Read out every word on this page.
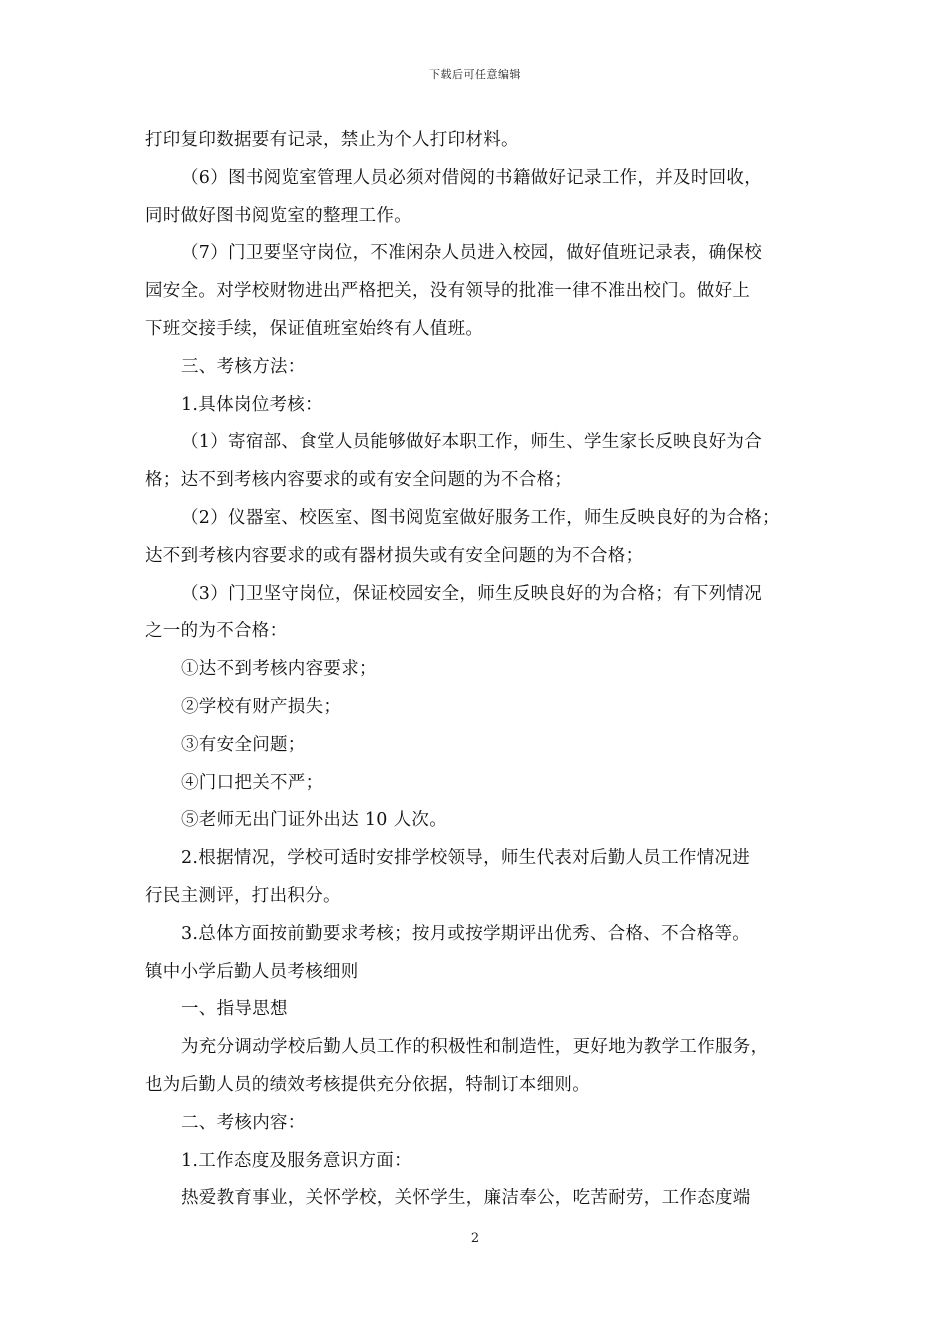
下载后可任意编辑

打印复印数据要有记录，禁止为个人打印材料。

（6）图书阅览室管理人员必须对借阅的书籍做好记录工作，并及时回收，

同时做好图书阅览室的整理工作。

（7）门卫要坚守岗位，不准闲杂人员进入校园，做好值班记录表，确保校

园安全。对学校财物进出严格把关，没有领导的批准一律不准出校门。做好上

下班交接手续，保证值班室始终有人值班。

三、考核方法：

1.具体岗位考核：

（1）寄宿部、食堂人员能够做好本职工作，师生、学生家长反映良好为合

格；达不到考核内容要求的或有安全问题的为不合格；

（2）仪器室、校医室、图书阅览室做好服务工作，师生反映良好的为合格；

达不到考核内容要求的或有器材损失或有安全问题的为不合格；

（3）门卫坚守岗位，保证校园安全，师生反映良好的为合格；有下列情况

之一的为不合格：

①达不到考核内容要求；

②学校有财产损失；

③有安全问题；

④门口把关不严；

⑤老师无出门证外出达 10 人次。

2.根据情况，学校可适时安排学校领导，师生代表对后勤人员工作情况进

行民主测评，打出积分。

3.总体方面按前勤要求考核；按月或按学期评出优秀、合格、不合格等。

镇中小学后勤人员考核细则

一、指导思想

为充分调动学校后勤人员工作的积极性和制造性，更好地为教学工作服务，

也为后勤人员的绩效考核提供充分依据，特制订本细则。

二、考核内容：

1.工作态度及服务意识方面：

热爱教育事业，关怀学校，关怀学生，廉洁奉公，吃苦耐劳，工作态度端

2
